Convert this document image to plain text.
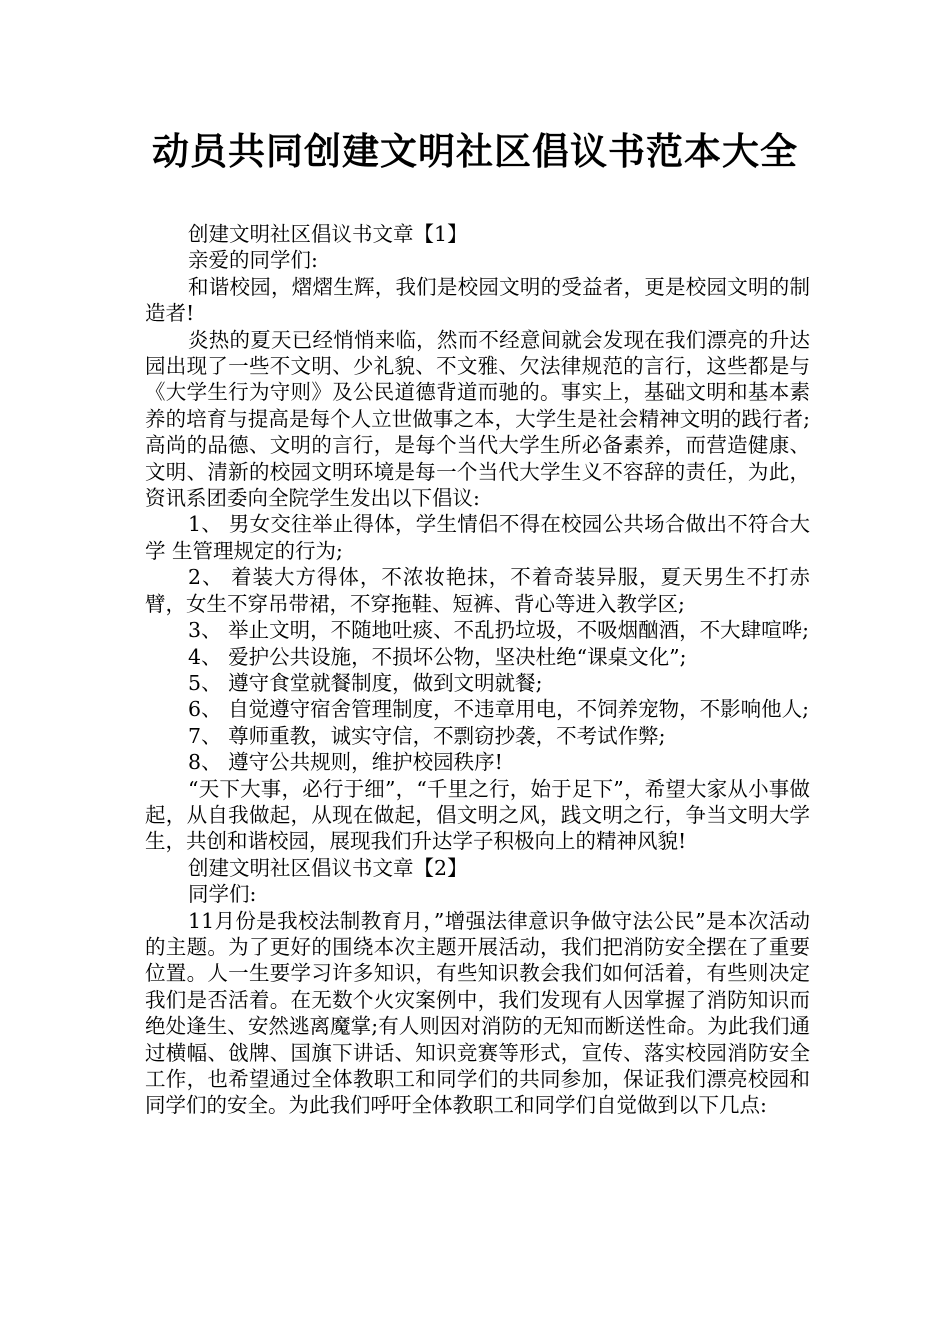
动员共同创建文明社区倡议书范本大全

创建文明社区倡议书文章【1】

亲爱的同学们:

和谐校园，熠熠生辉，我们是校园文明的受益者，更是校园文明的制造者!

炎热的夏天已经悄悄来临，然而不经意间就会发现在我们漂亮的升达园出现了一些不文明、少礼貌、不文雅、欠法律规范的言行，这些都是与《大学生行为守则》及公民道德背道而驰的。事实上，基础文明和基本素养的培育与提高是每个人立世做事之本，大学生是社会精神文明的践行者;高尚的品德、文明的言行，是每个当代大学生所必备素养，而营造健康、文明、清新的校园文明环境是每一个当代大学生义不容辞的责任，为此，资讯系团委向全院学生发出以下倡议:

1、 男女交往举止得体，学生情侣不得在校园公共场合做出不符合大学 生管理规定的行为;

2、 着装大方得体，不浓妆艳抹，不着奇装异服，夏天男生不打赤臂，女生不穿吊带裙，不穿拖鞋、短裤、背心等进入教学区;

3、 举止文明，不随地吐痰、不乱扔垃圾，不吸烟酗酒，不大肆喧哗;

4、 爱护公共设施，不损坏公物，坚决杜绝“课桌文化”;

5、 遵守食堂就餐制度，做到文明就餐;

6、 自觉遵守宿舍管理制度，不违章用电，不饲养宠物，不影响他人;

7、 尊师重教，诚实守信，不剽窃抄袭，不考试作弊;

8、 遵守公共规则，维护校园秩序!

“天下大事，必行于细”，“千里之行，始于足下”，希望大家从小事做起，从自我做起，从现在做起，倡文明之风，践文明之行，争当文明大学生，共创和谐校园，展现我们升达学子积极向上的精神风貌!

创建文明社区倡议书文章【2】

同学们:

11月份是我校法制教育月，”增强法律意识争做守法公民”是本次活动的主题。为了更好的围绕本次主题开展活动，我们把消防安全摆在了重要位置。人一生要学习许多知识，有些知识教会我们如何活着，有些则决定我们是否活着。在无数个火灾案例中，我们发现有人因掌握了消防知识而绝处逢生、安然逃离魔掌;有人则因对消防的无知而断送性命。为此我们通过横幅、戗牌、国旗下讲话、知识竞赛等形式，宣传、落实校园消防安全工作，也希望通过全体教职工和同学们的共同参加，保证我们漂亮校园和同学们的安全。为此我们呼吁全体教职工和同学们自觉做到以下几点:
